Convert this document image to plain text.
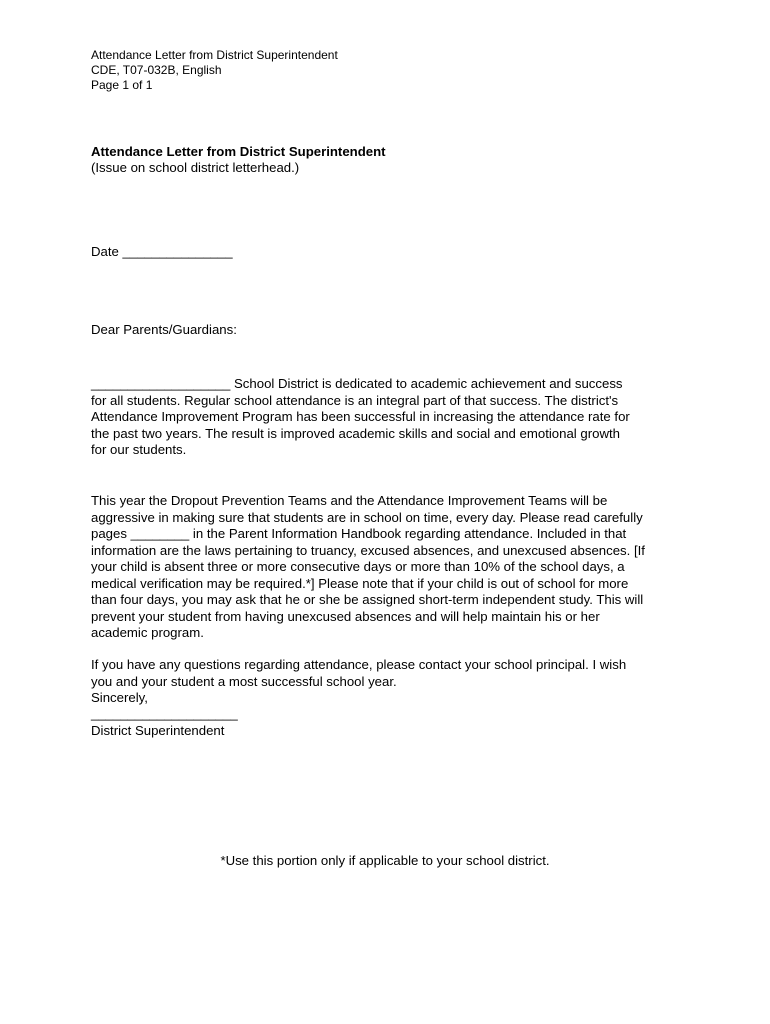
Attendance Letter from District Superintendent
CDE, T07-032B, English
Page 1 of 1
Attendance Letter from District Superintendent
(Issue on school district letterhead.)
Date _______________
Dear Parents/Guardians:
___________________ School District is dedicated to academic achievement and success
for all students. Regular school attendance is an integral part of that success. The district's
Attendance Improvement Program has been successful in increasing the attendance rate for
the past two years. The result is improved academic skills and social and emotional growth
for our students.
This year the Dropout Prevention Teams and the Attendance Improvement Teams will be
aggressive in making sure that students are in school on time, every day. Please read carefully
pages ________ in the Parent Information Handbook regarding attendance. Included in that
information are the laws pertaining to truancy, excused absences, and unexcused absences. [If
your child is absent three or more consecutive days or more than 10% of the school days, a
medical verification may be required.*] Please note that if your child is out of school for more
than four days, you may ask that he or she be assigned short-term independent study. This will
prevent your student from having unexcused absences and will help maintain his or her
academic program.
If you have any questions regarding attendance, please contact your school principal. I wish
you and your student a most successful school year.
Sincerely,
____________________
District Superintendent
*Use this portion only if applicable to your school district.
